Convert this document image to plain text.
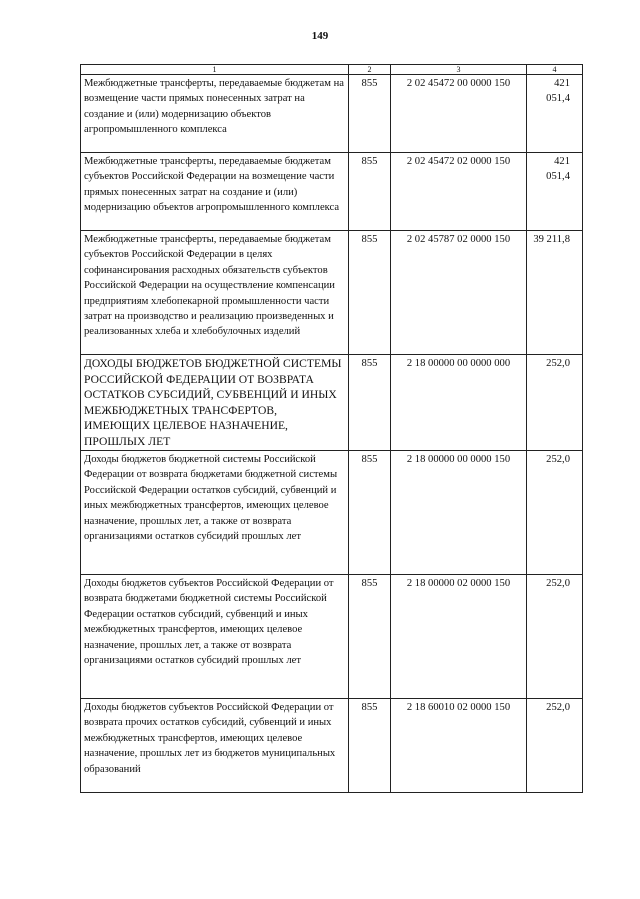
149
1	2	3	4
Межбюджетные трансферты, передаваемые бюджетам на возмещение части прямых понесенных затрат на создание и (или) модернизацию объектов агропромышленного комплекса	855	2 02 45472 00 0000 150	421 051,4
Межбюджетные трансферты, передаваемые бюджетам субъектов Российской Федерации на возмещение части прямых понесенных затрат на создание и (или) модернизацию объектов агропромышленного комплекса	855	2 02 45472 02 0000 150	421 051,4
Межбюджетные трансферты, передаваемые бюджетам субъектов Российской Федерации в целях софинансирования расходных обязательств субъектов Российской Федерации на осуществление компенсации предприятиям хлебопекарной промышленности части затрат на производство и реализацию произведенных и реализованных хлеба и хлебобулочных изделий	855	2 02 45787 02 0000 150	39 211,8
ДОХОДЫ БЮДЖЕТОВ БЮДЖЕТНОЙ СИСТЕМЫ РОССИЙСКОЙ ФЕДЕРАЦИИ ОТ ВОЗВРАТА ОСТАТКОВ СУБСИДИЙ, СУБВЕНЦИЙ И ИНЫХ МЕЖБЮДЖЕТНЫХ ТРАНСФЕРТОВ, ИМЕЮЩИХ ЦЕЛЕВОЕ НАЗНАЧЕНИЕ, ПРОШЛЫХ ЛЕТ	855	2 18 00000 00 0000 000	252,0
Доходы бюджетов бюджетной системы Российской Федерации от возврата бюджетами бюджетной системы Российской Федерации остатков субсидий, субвенций и иных межбюджетных трансфертов, имеющих целевое назначение, прошлых лет, а также от возврата организациями остатков субсидий прошлых лет	855	2 18 00000 00 0000 150	252,0
Доходы бюджетов субъектов Российской Федерации от возврата бюджетами бюджетной системы Российской Федерации остатков субсидий, субвенций и иных межбюджетных трансфертов, имеющих целевое назначение, прошлых лет, а также от возврата организациями остатков субсидий прошлых лет	855	2 18 00000 02 0000 150	252,0
Доходы бюджетов субъектов Российской Федерации от возврата прочих остатков субсидий, субвенций и иных межбюджетных трансфертов, имеющих целевое назначение, прошлых лет из бюджетов муниципальных образований	855	2 18 60010 02 0000 150	252,0
